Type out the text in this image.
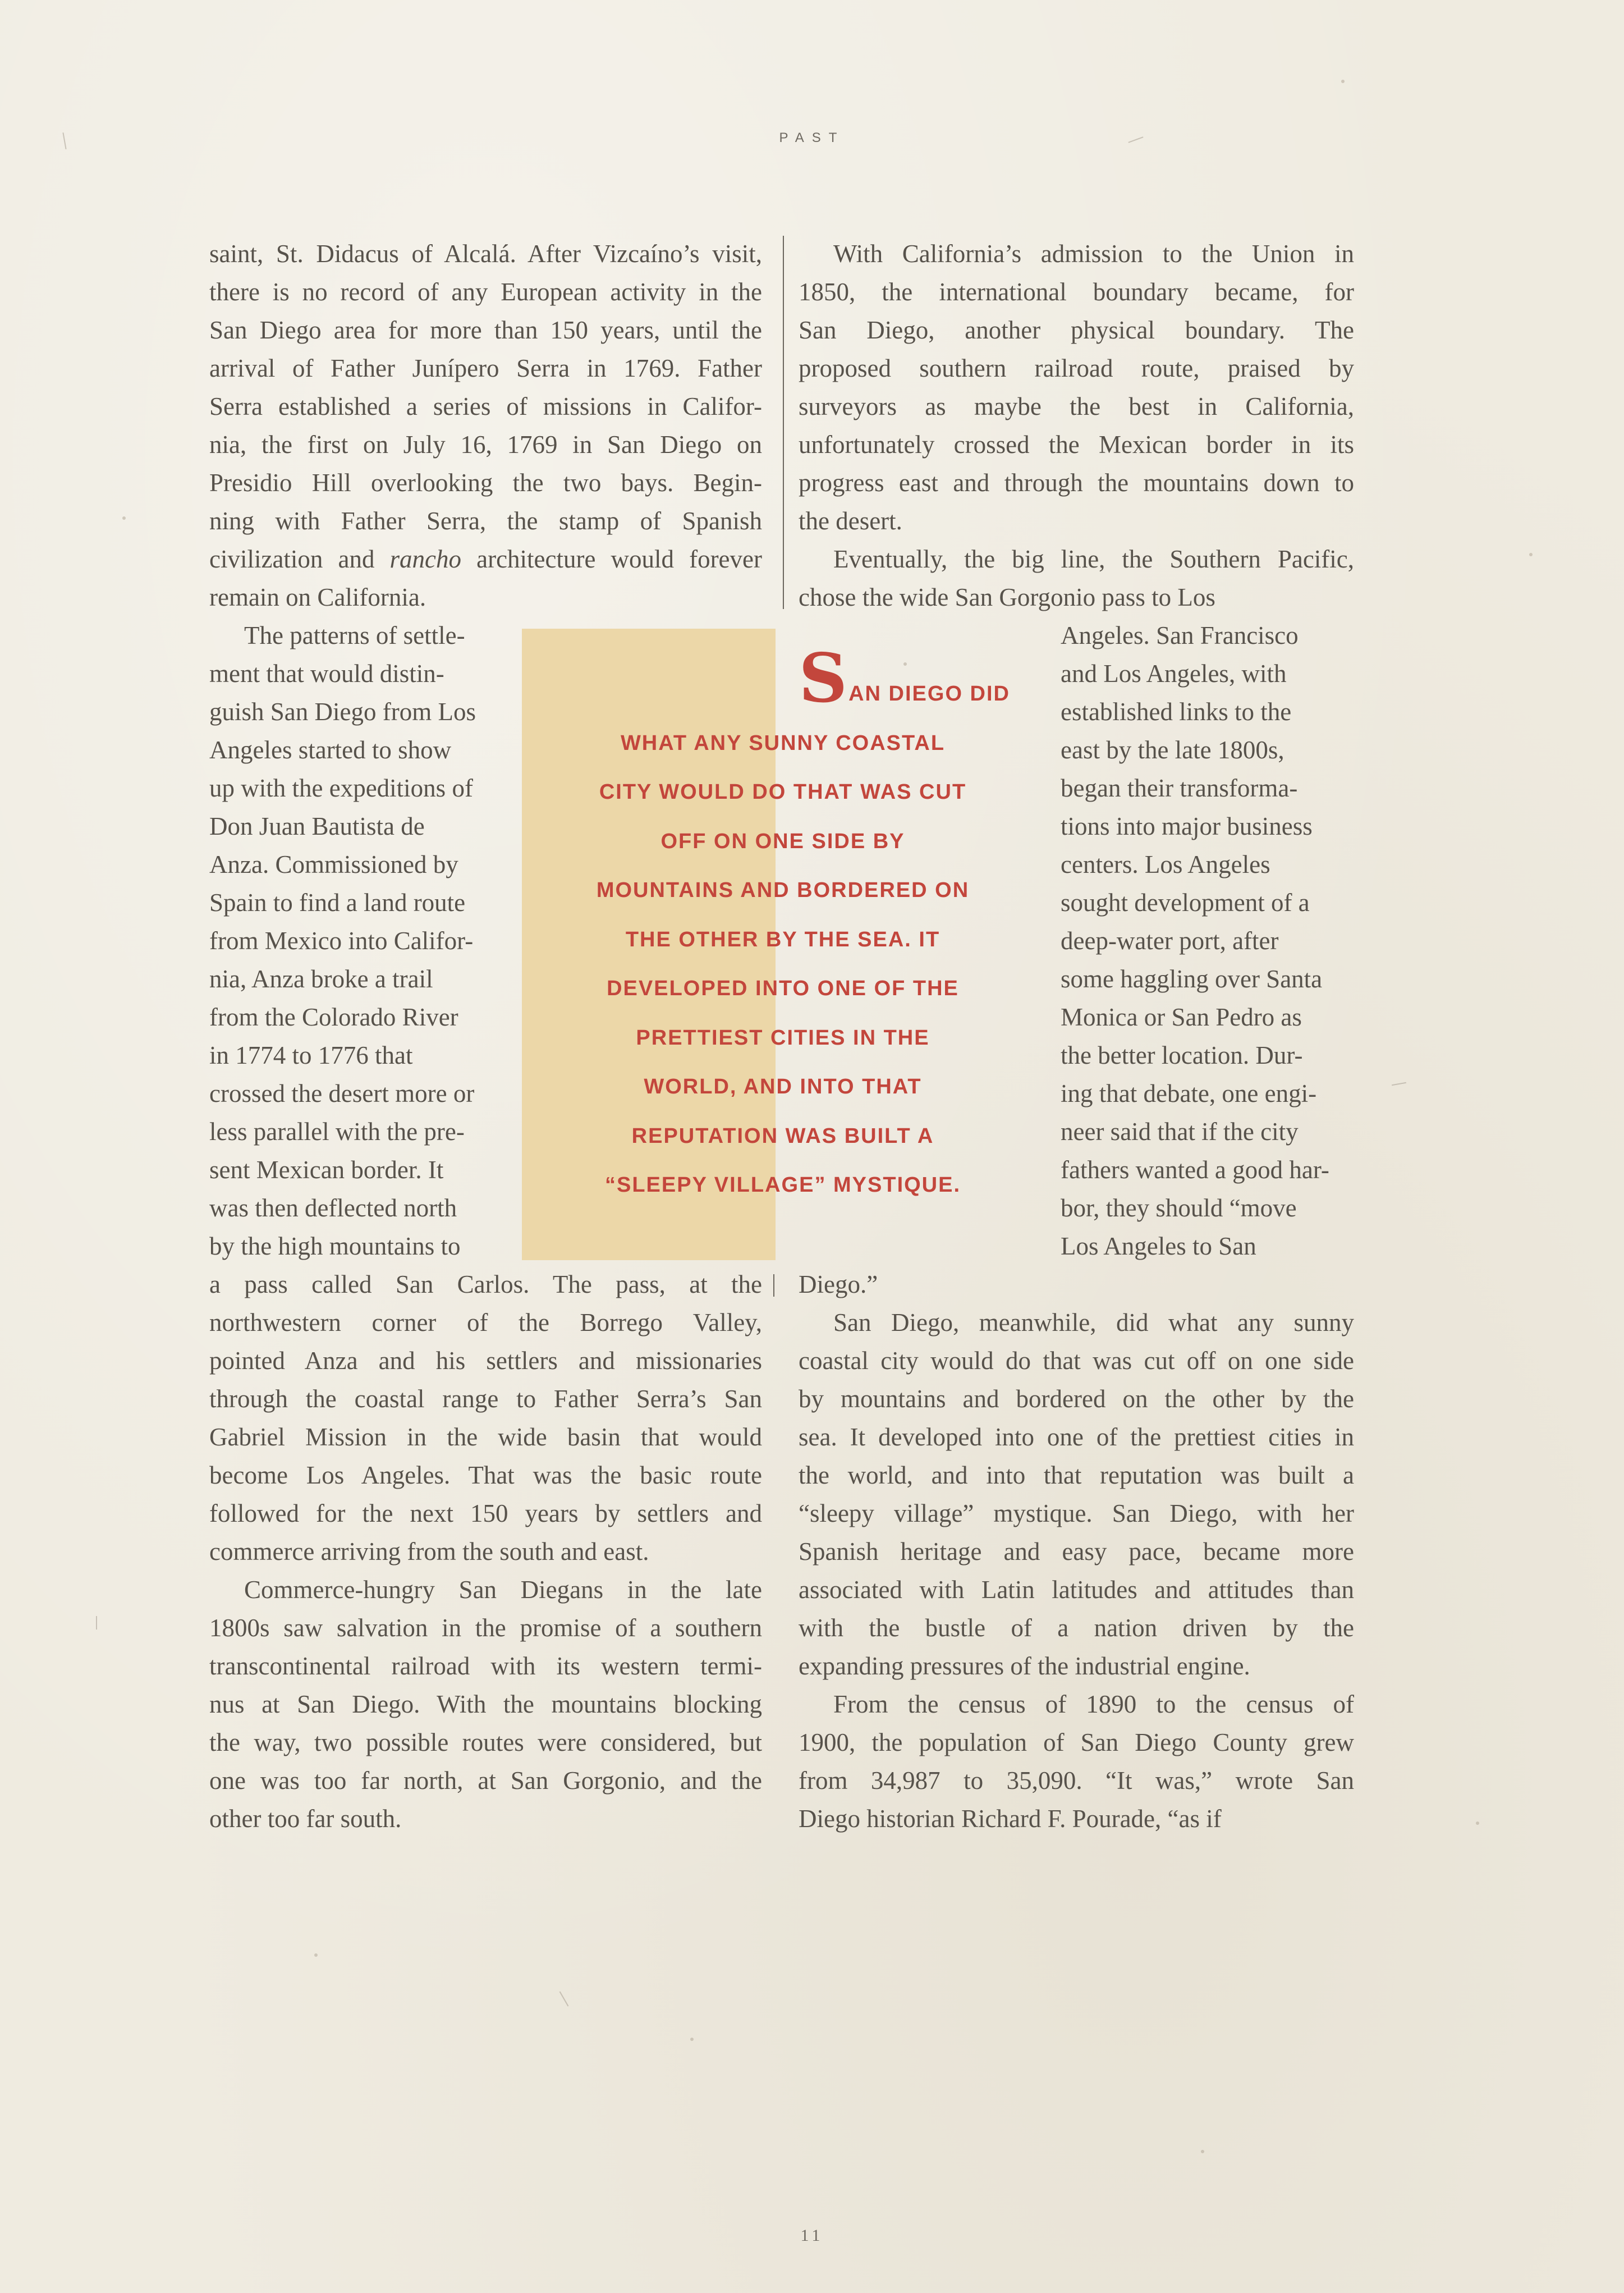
PAST
saint, St. Didacus of Alcalá. After Vizcaíno’s visit,
there is no record of any European activity in the
San Diego area for more than 150 years, until the
arrival of Father Junípero Serra in 1769. Father
Serra established a series of missions in Califor-
nia, the first on July 16, 1769 in San Diego on
Presidio Hill overlooking the two bays. Begin-
ning with Father Serra, the stamp of Spanish
civilization and rancho architecture would forever
remain on California.
The patterns of settle-
ment that would distin-
guish San Diego from Los
Angeles started to show
up with the expeditions of
Don Juan Bautista de
Anza. Commissioned by
Spain to find a land route
from Mexico into Califor-
nia, Anza broke a trail
from the Colorado River
in 1774 to 1776 that
crossed the desert more or
less parallel with the pre-
sent Mexican border. It
was then deflected north
by the high mountains to
a pass called San Carlos. The pass, at the
northwestern corner of the Borrego Valley,
pointed Anza and his settlers and missionaries
through the coastal range to Father Serra’s San
Gabriel Mission in the wide basin that would
become Los Angeles. That was the basic route
followed for the next 150 years by settlers and
commerce arriving from the south and east.
Commerce-hungry San Diegans in the late
1800s saw salvation in the promise of a southern
transcontinental railroad with its western termi-
nus at San Diego. With the mountains blocking
the way, two possible routes were considered, but
one was too far north, at San Gorgonio, and the
other too far south.
With California’s admission to the Union in
1850, the international boundary became, for
San Diego, another physical boundary. The
proposed southern railroad route, praised by
surveyors as maybe the best in California,
unfortunately crossed the Mexican border in its
progress east and through the mountains down to
the desert.
Eventually, the big line, the Southern Pacific,
chose the wide San Gorgonio pass to Los
Angeles. San Francisco
and Los Angeles, with
established links to the
east by the late 1800s,
began their transforma-
tions into major business
centers. Los Angeles
sought development of a
deep-water port, after
some haggling over Santa
Monica or San Pedro as
the better location. Dur-
ing that debate, one engi-
neer said that if the city
fathers wanted a good har-
bor, they should “move
Los Angeles to San
Diego.”
San Diego, meanwhile, did what any sunny
coastal city would do that was cut off on one side
by mountains and bordered on the other by the
sea. It developed into one of the prettiest cities in
the world, and into that reputation was built a
“sleepy village” mystique. San Diego, with her
Spanish heritage and easy pace, became more
associated with Latin latitudes and attitudes than
with the bustle of a nation driven by the
expanding pressures of the industrial engine.
From the census of 1890 to the census of
1900, the population of San Diego County grew
from 34,987 to 35,090. “It was,” wrote San
Diego historian Richard F. Pourade, “as if
SAN DIEGO DID
WHAT ANY SUNNY COASTAL
CITY WOULD DO THAT WAS CUT
OFF ON ONE SIDE BY
MOUNTAINS AND BORDERED ON
THE OTHER BY THE SEA. IT
DEVELOPED INTO ONE OF THE
PRETTIEST CITIES IN THE
WORLD, AND INTO THAT
REPUTATION WAS BUILT A
“SLEEPY VILLAGE” MYSTIQUE.
11
